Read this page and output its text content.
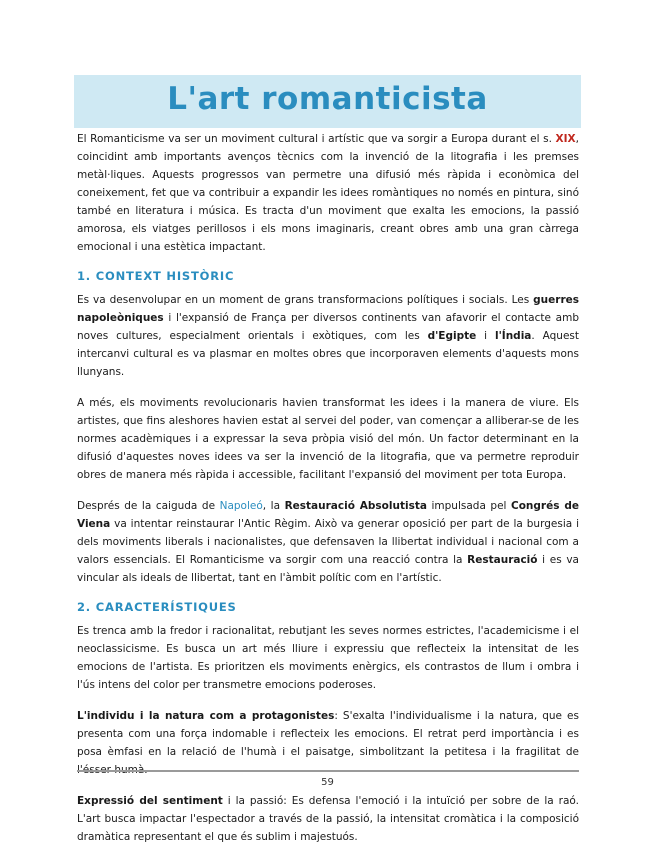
L'art romanticista

El Romanticisme va ser un moviment cultural i artístic que va sorgir a Europa durant el s. XIX, coincidint amb importants avenços tècnics com la invenció de la litografia i les premses metàl·liques. Aquests progressos van permetre una difusió més ràpida i econòmica del coneixement, fet que va contribuir a expandir les idees romàntiques no només en pintura, sinó també en literatura i música. Es tracta d'un moviment que exalta les emocions, la passió amorosa, els viatges perillosos i els mons imaginaris, creant obres amb una gran càrrega emocional i una estètica impactant.

1. CONTEXT HISTÒRIC

Es va desenvolupar en un moment de grans transformacions polítiques i socials. Les guerres napoleòniques i l'expansió de França per diversos continents van afavorir el contacte amb noves cultures, especialment orientals i exòtiques, com les d'Egipte i l'Índia. Aquest intercanvi cultural es va plasmar en moltes obres que incorporaven elements d'aquests mons llunyans.

A més, els moviments revolucionaris havien transformat les idees i la manera de viure. Els artistes, que fins aleshores havien estat al servei del poder, van començar a alliberar-se de les normes acadèmiques i a expressar la seva pròpia visió del món. Un factor determinant en la difusió d'aquestes noves idees va ser la invenció de la litografia, que va permetre reproduir obres de manera més ràpida i accessible, facilitant l'expansió del moviment per tota Europa.

Després de la caiguda de Napoleó, la Restauració Absolutista impulsada pel Congrés de Viena va intentar reinstaurar l'Antic Règim. Això va generar oposició per part de la burgesia i dels moviments liberals i nacionalistes, que defensaven la llibertat individual i nacional com a valors essencials. El Romanticisme va sorgir com una reacció contra la Restauració i es va vincular als ideals de llibertat, tant en l'àmbit polític com en l'artístic.

2. CARACTERÍSTIQUES

Es trenca amb la fredor i racionalitat, rebutjant les seves normes estrictes, l'academicisme i el neoclassicisme. Es busca un art més lliure i expressiu que reflecteix la intensitat de les emocions de l'artista. Es prioritzen els moviments enèrgics, els contrastos de llum i ombra i l'ús intens del color per transmetre emocions poderoses.

L'individu i la natura com a protagonistes: S'exalta l'individualisme i la natura, que es presenta com una força indomable i reflecteix les emocions. El retrat perd importància i es posa èmfasi en la relació de l'humà i el paisatge, simbolitzant la petitesa i la fragilitat de

Expressió del sentiment i la passió: Es defensa l'emoció i la intuïció per sobre de la raó. L'art busca impactar l'espectador a través de la passió, la intensitat cromàtica i la composició dramàtica representant el que és sublim i majestuós.

59
